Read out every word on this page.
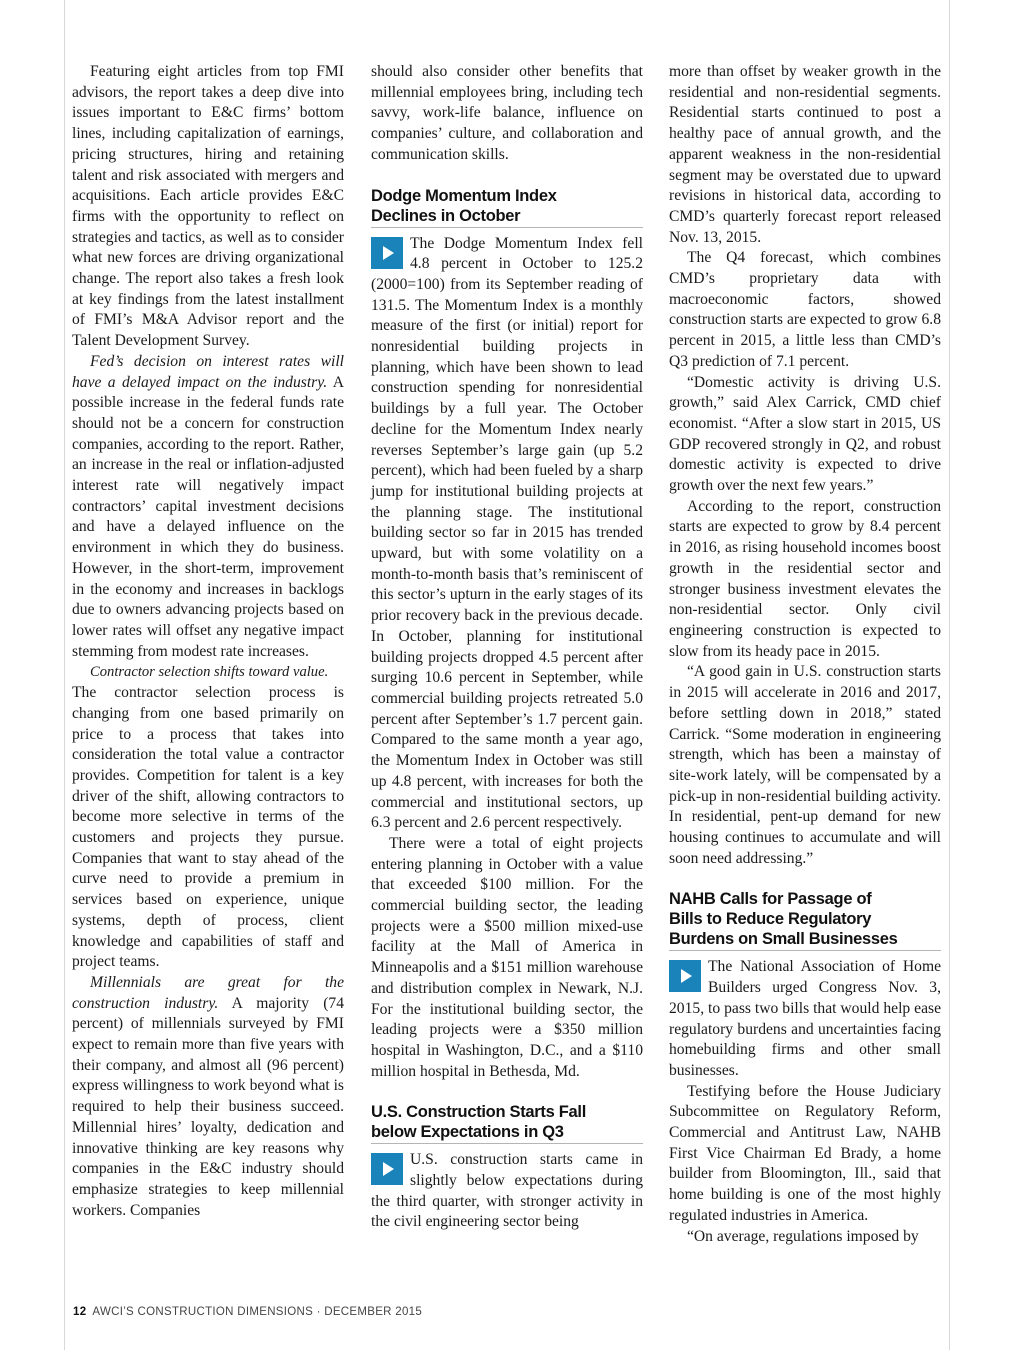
Featuring eight articles from top FMI advisors, the report takes a deep dive into issues important to E&C firms’ bottom lines, including capitalization of earnings, pricing structures, hiring and retaining talent and risk associated with mergers and acquisitions. Each article provides E&C firms with the opportunity to reflect on strategies and tactics, as well as to consider what new forces are driving organizational change. The report also takes a fresh look at key findings from the latest installment of FMI’s M&A Advisor report and the Talent Development Survey.

Fed’s decision on interest rates will have a delayed impact on the industry. A possible increase in the federal funds rate should not be a concern for construction companies, according to the report. Rather, an increase in the real or inflation-adjusted interest rate will negatively impact contractors’ capital investment decisions and have a delayed influence on the environment in which they do business. However, in the short-term, improvement in the economy and increases in backlogs due to owners advancing projects based on lower rates will offset any negative impact stemming from modest rate increases.

Contractor selection shifts toward value.
The contractor selection process is changing from one based primarily on price to a process that takes into consideration the total value a contractor provides. Competition for talent is a key driver of the shift, allowing contractors to become more selective in terms of the customers and projects they pursue. Companies that want to stay ahead of the curve need to provide a premium in services based on experience, unique systems, depth of process, client knowledge and capabilities of staff and project teams.

Millennials are great for the construction industry. A majority (74 percent) of millennials surveyed by FMI expect to remain more than five years with their company, and almost all (96 percent) express willingness to work beyond what is required to help their business succeed. Millennial hires’ loyalty, dedication and innovative thinking are key reasons why companies in the E&C industry should emphasize strategies to keep millennial workers. Companies

should also consider other benefits that millennial employees bring, including tech savvy, work-life balance, influence on companies’ culture, and collaboration and communication skills.

Dodge Momentum Index
Declines in October

The Dodge Momentum Index fell 4.8 percent in October to 125.2 (2000=100) from its September reading of 131.5. The Momentum Index is a monthly measure of the first (or initial) report for nonresidential building projects in planning, which have been shown to lead construction spending for nonresidential buildings by a full year. The October decline for the Momentum Index nearly reverses September’s large gain (up 5.2 percent), which had been fueled by a sharp jump for institutional building projects at the planning stage. The institutional building sector so far in 2015 has trended upward, but with some volatility on a month-to-month basis that’s reminiscent of this sector’s upturn in the early stages of its prior recovery back in the previous decade. In October, planning for institutional building projects dropped 4.5 percent after surging 10.6 percent in September, while commercial building projects retreated 5.0 percent after September’s 1.7 percent gain. Compared to the same month a year ago, the Momentum Index in October was still up 4.8 percent, with increases for both the commercial and institutional sectors, up 6.3 percent and 2.6 percent respectively.

There were a total of eight projects entering planning in October with a value that exceeded $100 million. For the commercial building sector, the leading projects were a $500 million mixed-use facility at the Mall of America in Minneapolis and a $151 million warehouse and distribution complex in Newark, N.J. For the institutional building sector, the leading projects were a $350 million hospital in Washington, D.C., and a $110 million hospital in Bethesda, Md.

U.S. Construction Starts Fall
below Expectations in Q3

U.S. construction starts came in slightly below expectations during the third quarter, with stronger activity in the civil engineering sector being

more than offset by weaker growth in the residential and non-residential segments. Residential starts continued to post a healthy pace of annual growth, and the apparent weakness in the non-residential segment may be overstated due to upward revisions in historical data, according to CMD’s quarterly forecast report released Nov. 13, 2015.

The Q4 forecast, which combines CMD’s proprietary data with macroeconomic factors, showed construction starts are expected to grow 6.8 percent in 2015, a little less than CMD’s Q3 prediction of 7.1 percent.

“Domestic activity is driving U.S. growth,” said Alex Carrick, CMD chief economist. “After a slow start in 2015, US GDP recovered strongly in Q2, and robust domestic activity is expected to drive growth over the next few years.”

According to the report, construction starts are expected to grow by 8.4 percent in 2016, as rising household incomes boost growth in the residential sector and stronger business investment elevates the non-residential sector. Only civil engineering construction is expected to slow from its heady pace in 2015.

“A good gain in U.S. construction starts in 2015 will accelerate in 2016 and 2017, before settling down in 2018,” stated Carrick. “Some moderation in engineering strength, which has been a mainstay of site-work lately, will be compensated by a pick-up in non-residential building activity. In residential, pent-up demand for new housing continues to accumulate and will soon need addressing.”

NAHB Calls for Passage of
Bills to Reduce Regulatory
Burdens on Small Businesses

The National Association of Home Builders urged Congress Nov. 3, 2015, to pass two bills that would help ease regulatory burdens and uncertainties facing homebuilding firms and other small businesses.

Testifying before the House Judiciary Subcommittee on Regulatory Reform, Commercial and Antitrust Law, NAHB First Vice Chairman Ed Brady, a home builder from Bloomington, Ill., said that home building is one of the most highly regulated industries in America.

“On average, regulations imposed by

12 AWCI’S CONSTRUCTION DIMENSIONS · DECEMBER 2015
